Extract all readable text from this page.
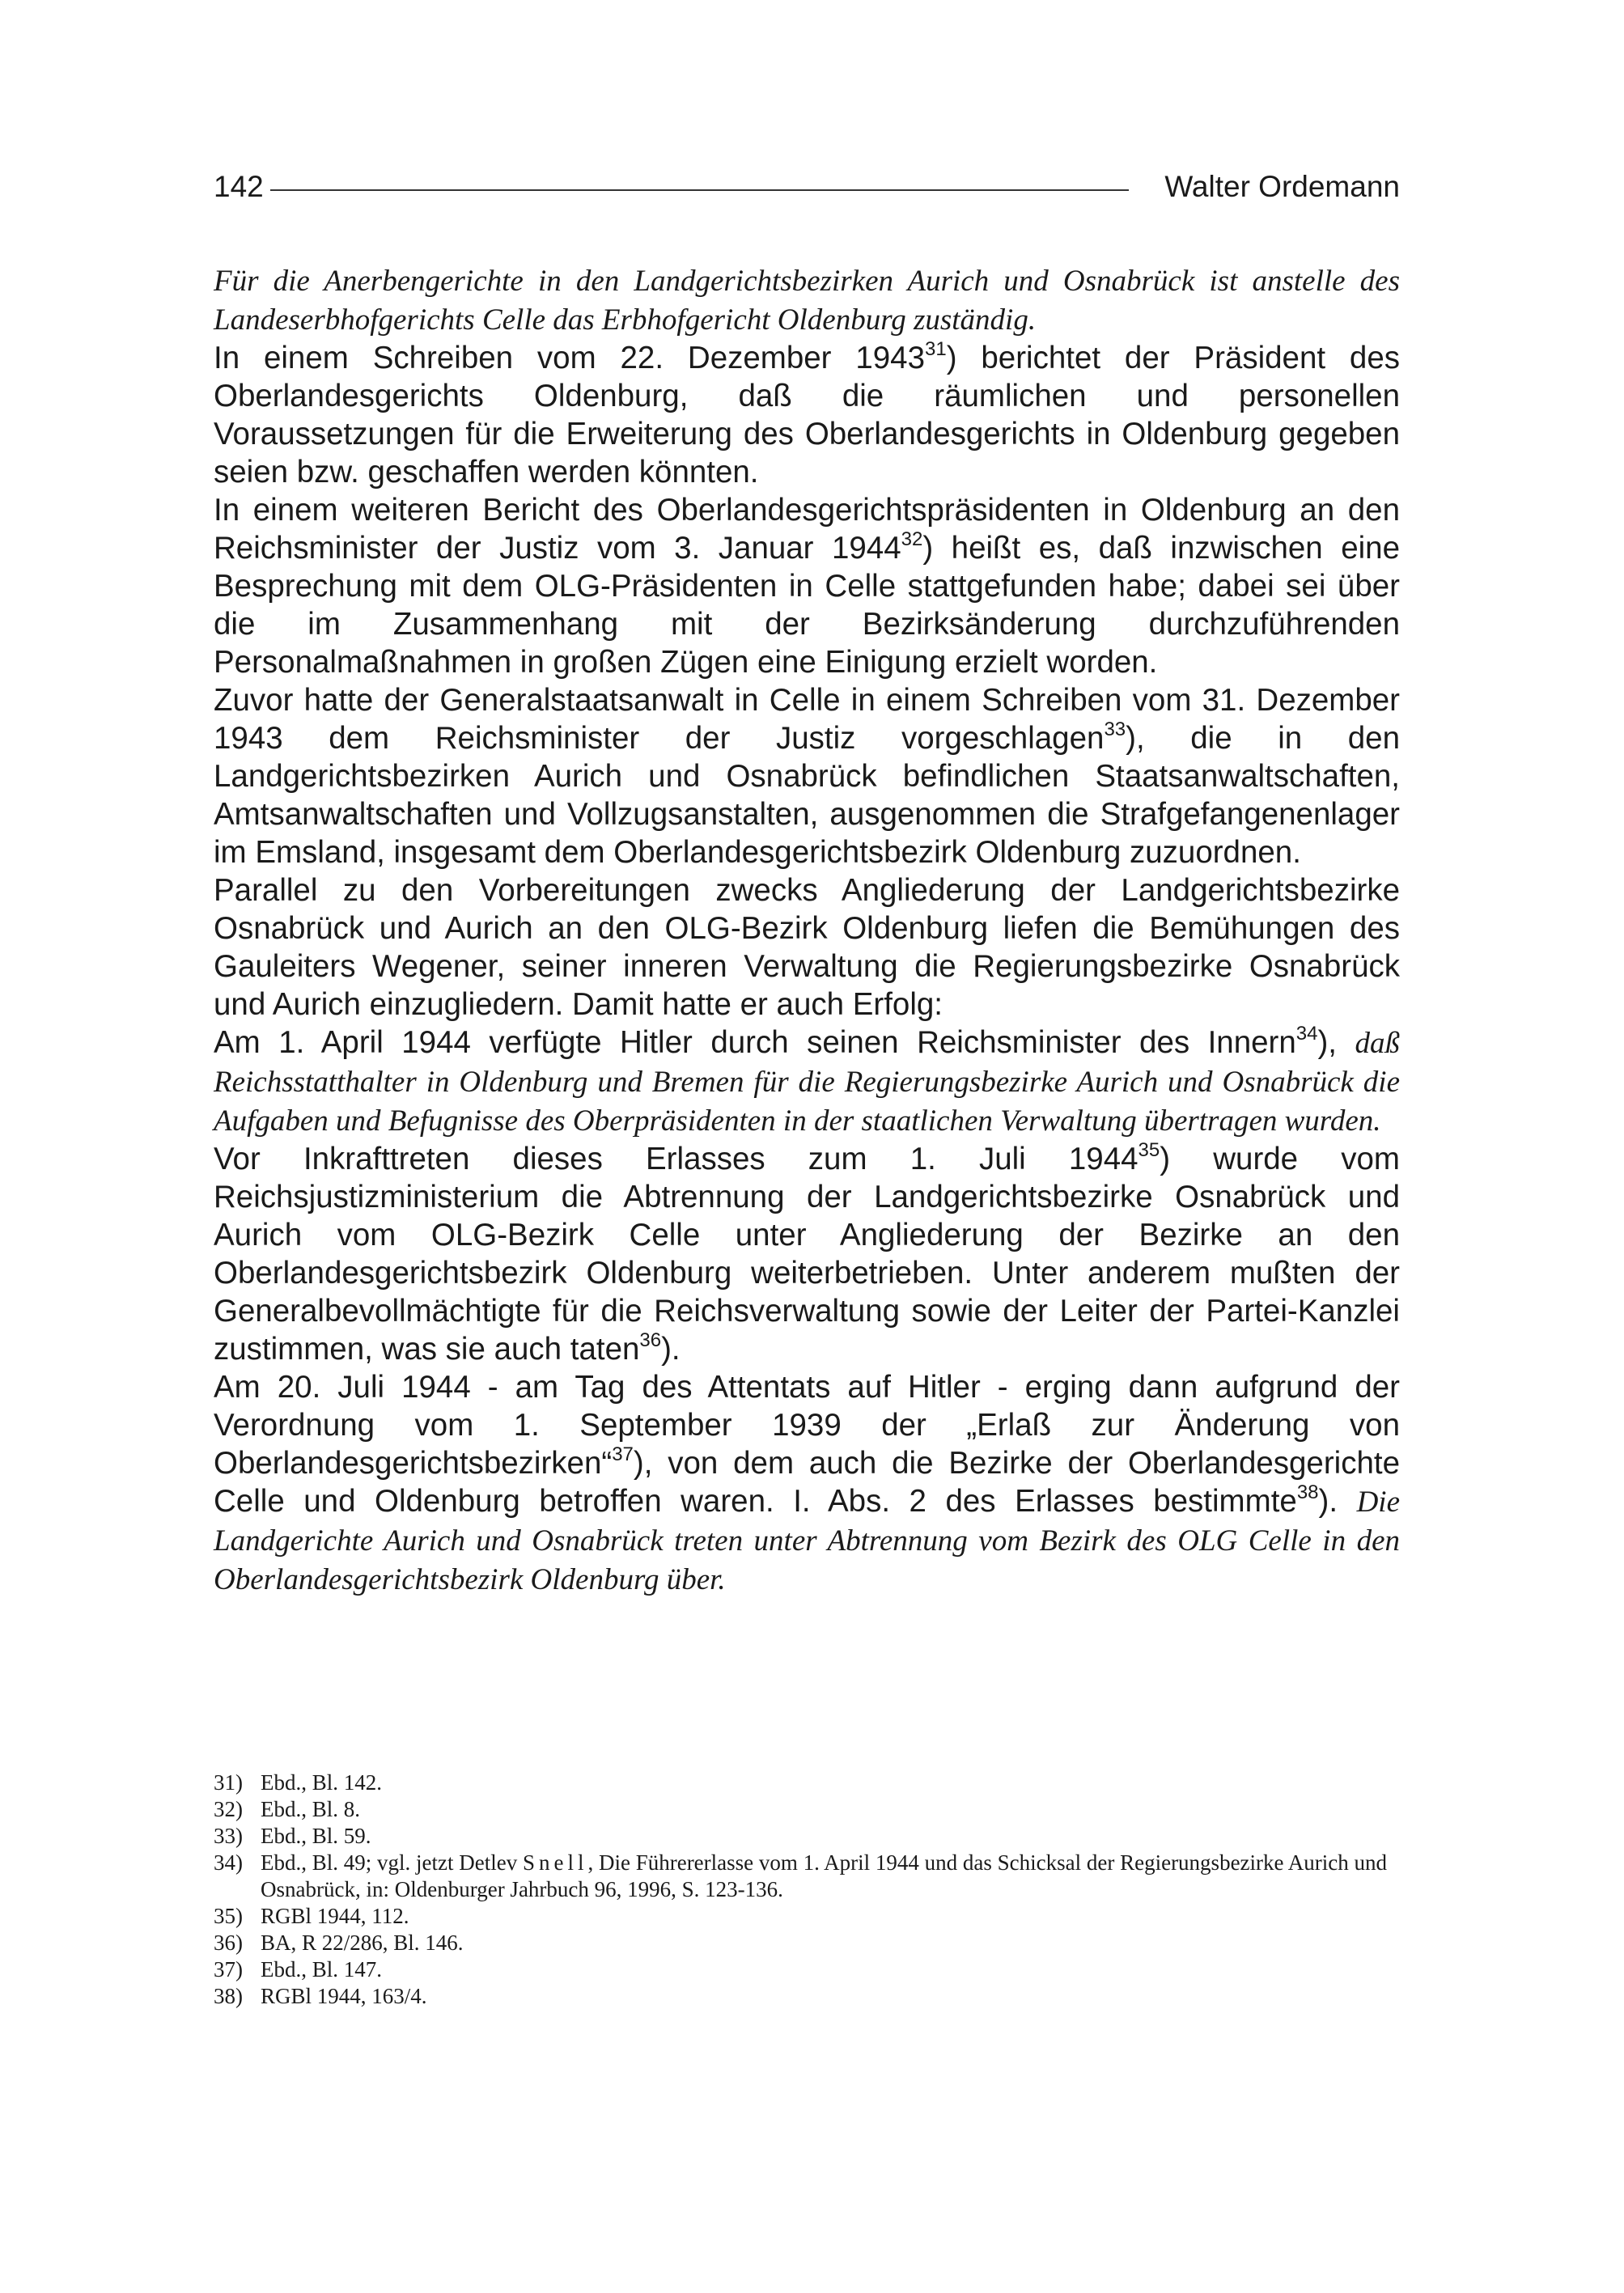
142	Walter Ordemann

Für die Anerbengerichte in den Landgerichtsbezirken Aurich und Osnabrück ist anstelle des Landeserbhofgerichts Celle das Erbhofgericht Oldenburg zuständig.

In einem Schreiben vom 22. Dezember 1943$^{31}$) berichtet der Präsident des Oberlandesgerichts Oldenburg, daß die räumlichen und personellen Voraussetzungen für die Erweiterung des Oberlandesgerichts in Oldenburg gegeben seien bzw. geschaffen werden könnten.

In einem weiteren Bericht des Oberlandesgerichtspräsidenten in Oldenburg an den Reichsminister der Justiz vom 3. Januar 1944$^{32}$) heißt es, daß inzwischen eine Besprechung mit dem OLG-Präsidenten in Celle stattgefunden habe; dabei sei über die im Zusammenhang mit der Bezirksänderung durchzuführenden Personalmaßnahmen in großen Zügen eine Einigung erzielt worden.

Zuvor hatte der Generalstaatsanwalt in Celle in einem Schreiben vom 31. Dezember 1943 dem Reichsminister der Justiz vorgeschlagen$^{33}$), die in den Landgerichtsbezirken Aurich und Osnabrück befindlichen Staatsanwaltschaften, Amtsanwaltschaften und Vollzugsanstalten, ausgenommen die Strafgefangenenlager im Emsland, insgesamt dem Oberlandesgerichtsbezirk Oldenburg zuzuordnen.

Parallel zu den Vorbereitungen zwecks Angliederung der Landgerichtsbezirke Osnabrück und Aurich an den OLG-Bezirk Oldenburg liefen die Bemühungen des Gauleiters Wegener, seiner inneren Verwaltung die Regierungsbezirke Osnabrück und Aurich einzugliedern. Damit hatte er auch Erfolg:

Am 1. April 1944 verfügte Hitler durch seinen Reichsminister des Innern$^{34}$), daß Reichsstatthalter in Oldenburg und Bremen für die Regierungsbezirke Aurich und Osnabrück die Aufgaben und Befugnisse des Oberpräsidenten in der staatlichen Verwaltung übertragen wurden.

Vor Inkrafttreten dieses Erlasses zum 1. Juli 1944$^{35}$) wurde vom Reichsjustizministerium die Abtrennung der Landgerichtsbezirke Osnabrück und Aurich vom OLG-Bezirk Celle unter Angliederung der Bezirke an den Oberlandesgerichtsbezirk Oldenburg weiterbetrieben. Unter anderem mußten der Generalbevollmächtigte für die Reichsverwaltung sowie der Leiter der Partei-Kanzlei zustimmen, was sie auch taten$^{36}$).

Am 20. Juli 1944 - am Tag des Attentats auf Hitler - erging dann aufgrund der Verordnung vom 1. September 1939 der „Erlaß zur Änderung von Oberlandesgerichtsbezirken“$^{37}$), von dem auch die Bezirke der Oberlandesgerichte Celle und Oldenburg betroffen waren. I. Abs. 2 des Erlasses bestimmte$^{38}$). Die Landgerichte Aurich und Osnabrück treten unter Abtrennung vom Bezirk des OLG Celle in den Oberlandesgerichtsbezirk Oldenburg über.

31) Ebd., Bl. 142.

32) Ebd., Bl. 8.

33) Ebd., Bl. 59.

34) Ebd., Bl. 49; vgl. jetzt Detlev Snell, Die Führererlasse vom 1. April 1944 und das Schicksal der Regierungsbezirke Aurich und Osnabrück, in: Oldenburger Jahrbuch 96, 1996, S. 123-136.

35) RGBl 1944, 112.

36) BA, R 22/286, Bl. 146.

37) Ebd., Bl. 147.

38) RGBl 1944, 163/4.
